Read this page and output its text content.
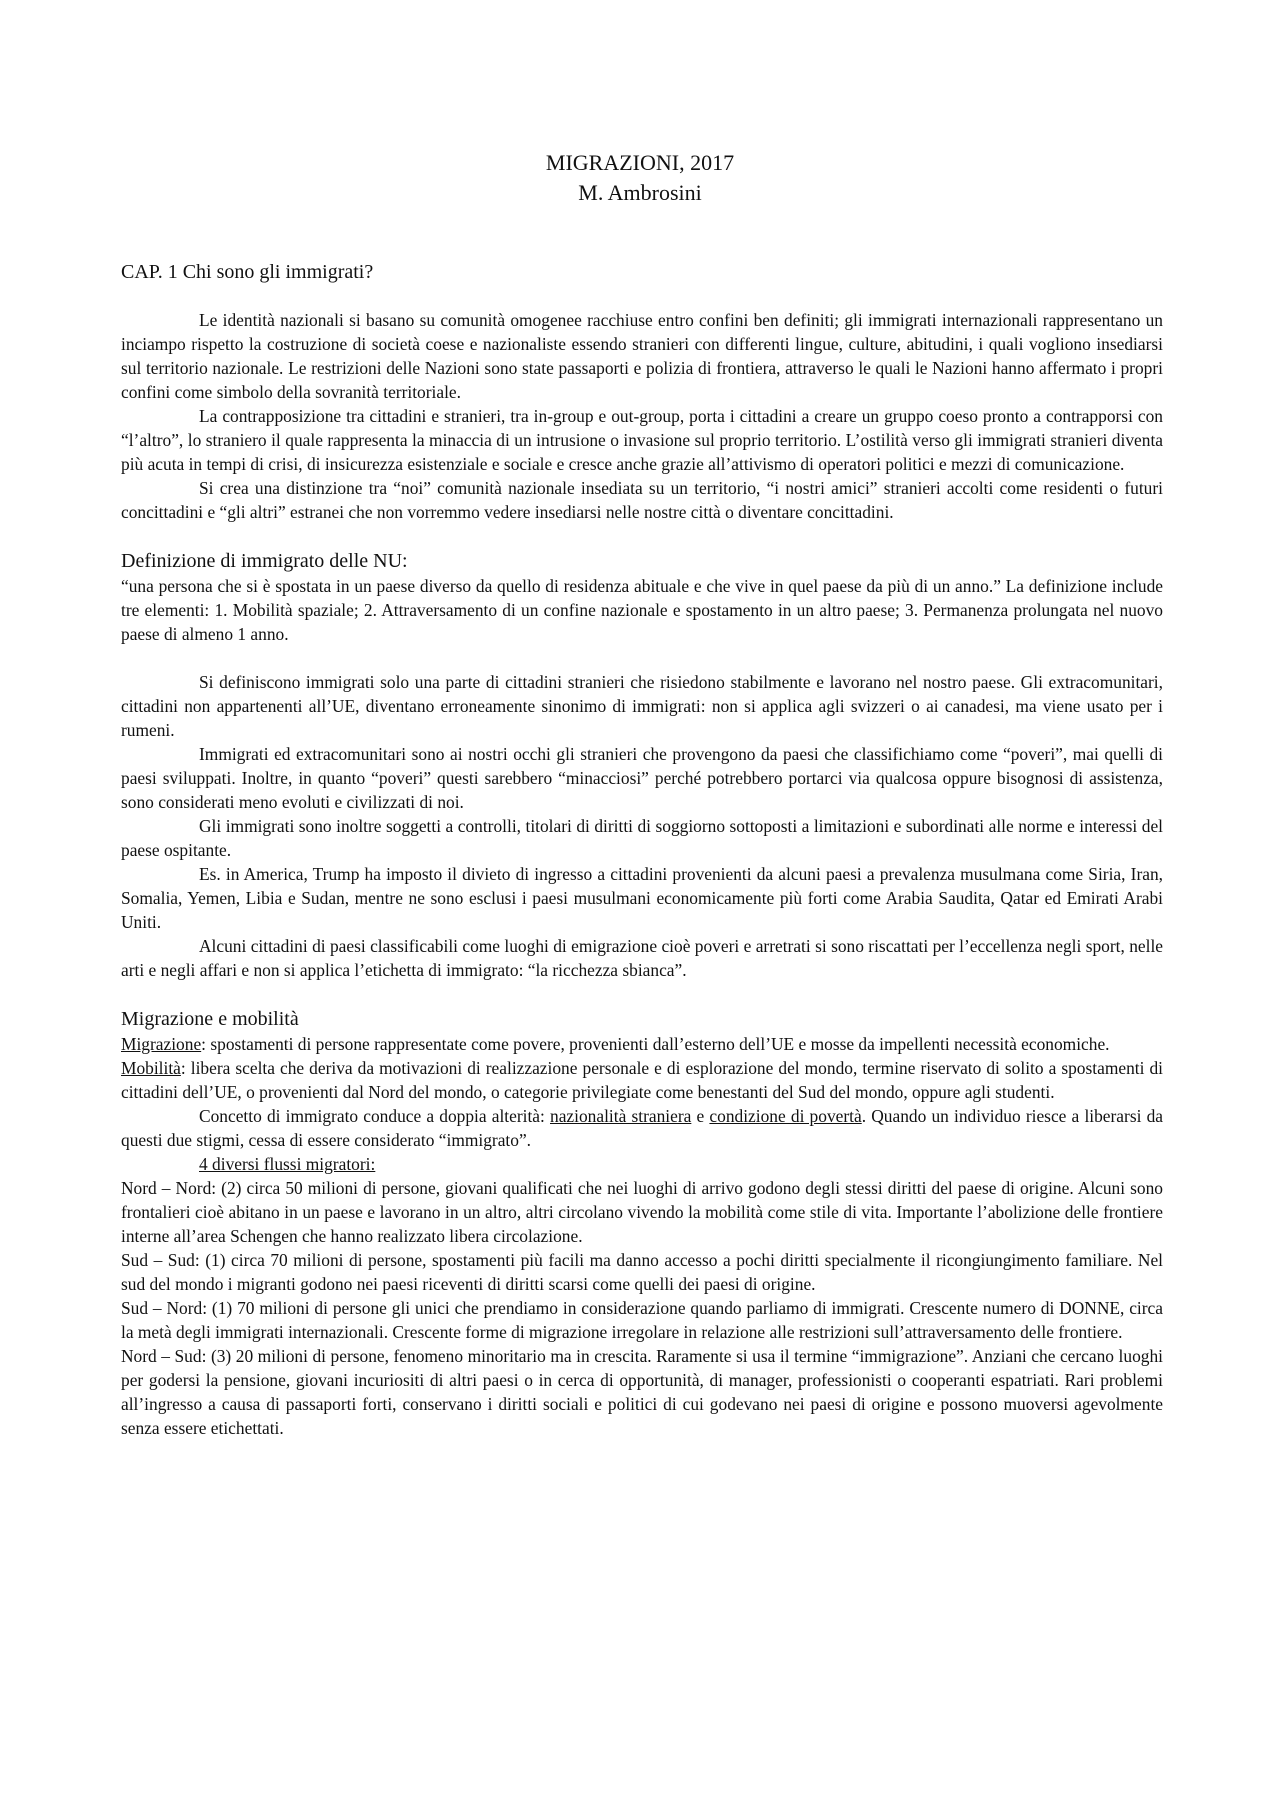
MIGRAZIONI, 2017
M. Ambrosini
CAP. 1 Chi sono gli immigrati?

Le identità nazionali si basano su comunità omogenee racchiuse entro confini ben definiti; gli immigrati internazionali rappresentano un inciampo rispetto la costruzione di società coese e nazionaliste essendo stranieri con differenti lingue, culture, abitudini, i quali vogliono insediarsi sul territorio nazionale. Le restrizioni delle Nazioni sono state passaporti e polizia di frontiera, attraverso le quali le Nazioni hanno affermato i propri confini come simbolo della sovranità territoriale.

La contrapposizione tra cittadini e stranieri, tra in-group e out-group, porta i cittadini a creare un gruppo coeso pronto a contrapporsi con “l’altro”, lo straniero il quale rappresenta la minaccia di un intrusione o invasione sul proprio territorio. L’ostilità verso gli immigrati stranieri diventa più acuta in tempi di crisi, di insicurezza esistenziale e sociale e cresce anche grazie all’attivismo di operatori politici e mezzi di comunicazione.

Si crea una distinzione tra “noi” comunità nazionale insediata su un territorio, “i nostri amici” stranieri accolti come residenti o futuri concittadini e “gli altri” estranei che non vorremmo vedere insediarsi nelle nostre città o diventare concittadini.

Definizione di immigrato delle NU:

“una persona che si è spostata in un paese diverso da quello di residenza abituale e che vive in quel paese da più di un anno.” La definizione include tre elementi: 1. Mobilità spaziale; 2. Attraversamento di un confine nazionale e spostamento in un altro paese; 3. Permanenza prolungata nel nuovo paese di almeno 1 anno.

Si definiscono immigrati solo una parte di cittadini stranieri che risiedono stabilmente e lavorano nel nostro paese. Gli extracomunitari, cittadini non appartenenti all’UE, diventano erroneamente sinonimo di immigrati: non si applica agli svizzeri o ai canadesi, ma viene usato per i rumeni.

Immigrati ed extracomunitari sono ai nostri occhi gli stranieri che provengono da paesi che classifichiamo come “poveri”, mai quelli di paesi sviluppati. Inoltre, in quanto “poveri” questi sarebbero “minacciosi” perché potrebbero portarci via qualcosa oppure bisognosi di assistenza, sono considerati meno evoluti e civilizzati di noi.

Gli immigrati sono inoltre soggetti a controlli, titolari di diritti di soggiorno sottoposti a limitazioni e subordinati alle norme e interessi del paese ospitante.

Es. in America, Trump ha imposto il divieto di ingresso a cittadini provenienti da alcuni paesi a prevalenza musulmana come Siria, Iran, Somalia, Yemen, Libia e Sudan, mentre ne sono esclusi i paesi musulmani economicamente più forti come Arabia Saudita, Qatar ed Emirati Arabi Uniti.

Alcuni cittadini di paesi classificabili come luoghi di emigrazione cioè poveri e arretrati si sono riscattati per l’eccellenza negli sport, nelle arti e negli affari e non si applica l’etichetta di immigrato: “la ricchezza sbianca”.

Migrazione e mobilità

Migrazione: spostamenti di persone rappresentate come povere, provenienti dall’esterno dell’UE e mosse da impellenti necessità economiche.

Mobilità: libera scelta che deriva da motivazioni di realizzazione personale e di esplorazione del mondo, termine riservato di solito a spostamenti di cittadini dell’UE, o provenienti dal Nord del mondo, o categorie privilegiate come benestanti del Sud del mondo, oppure agli studenti.

Concetto di immigrato conduce a doppia alterità: nazionalità straniera e condizione di povertà. Quando un individuo riesce a liberarsi da questi due stigmi, cessa di essere considerato “immigrato”.

4 diversi flussi migratori:

Nord – Nord: (2) circa 50 milioni di persone, giovani qualificati che nei luoghi di arrivo godono degli stessi diritti del paese di origine. Alcuni sono frontalieri cioè abitano in un paese e lavorano in un altro, altri circolano vivendo la mobilità come stile di vita. Importante l’abolizione delle frontiere interne all’area Schengen che hanno realizzato libera circolazione.

Sud – Sud: (1) circa 70 milioni di persone, spostamenti più facili ma danno accesso a pochi diritti specialmente il ricongiungimento familiare. Nel sud del mondo i migranti godono nei paesi riceventi di diritti scarsi come quelli dei paesi di origine.

Sud – Nord: (1) 70 milioni di persone gli unici che prendiamo in considerazione quando parliamo di immigrati. Crescente numero di DONNE, circa la metà degli immigrati internazionali. Crescente forme di migrazione irregolare in relazione alle restrizioni sull’attraversamento delle frontiere.

Nord – Sud: (3) 20 milioni di persone, fenomeno minoritario ma in crescita. Raramente si usa il termine “immigrazione”. Anziani che cercano luoghi per godersi la pensione, giovani incuriositi di altri paesi o in cerca di opportunità, di manager, professionisti o cooperanti espatriati. Rari problemi all’ingresso a causa di passaporti forti, conservano i diritti sociali e politici di cui godevano nei paesi di origine e possono muoversi agevolmente senza essere etichettati.
